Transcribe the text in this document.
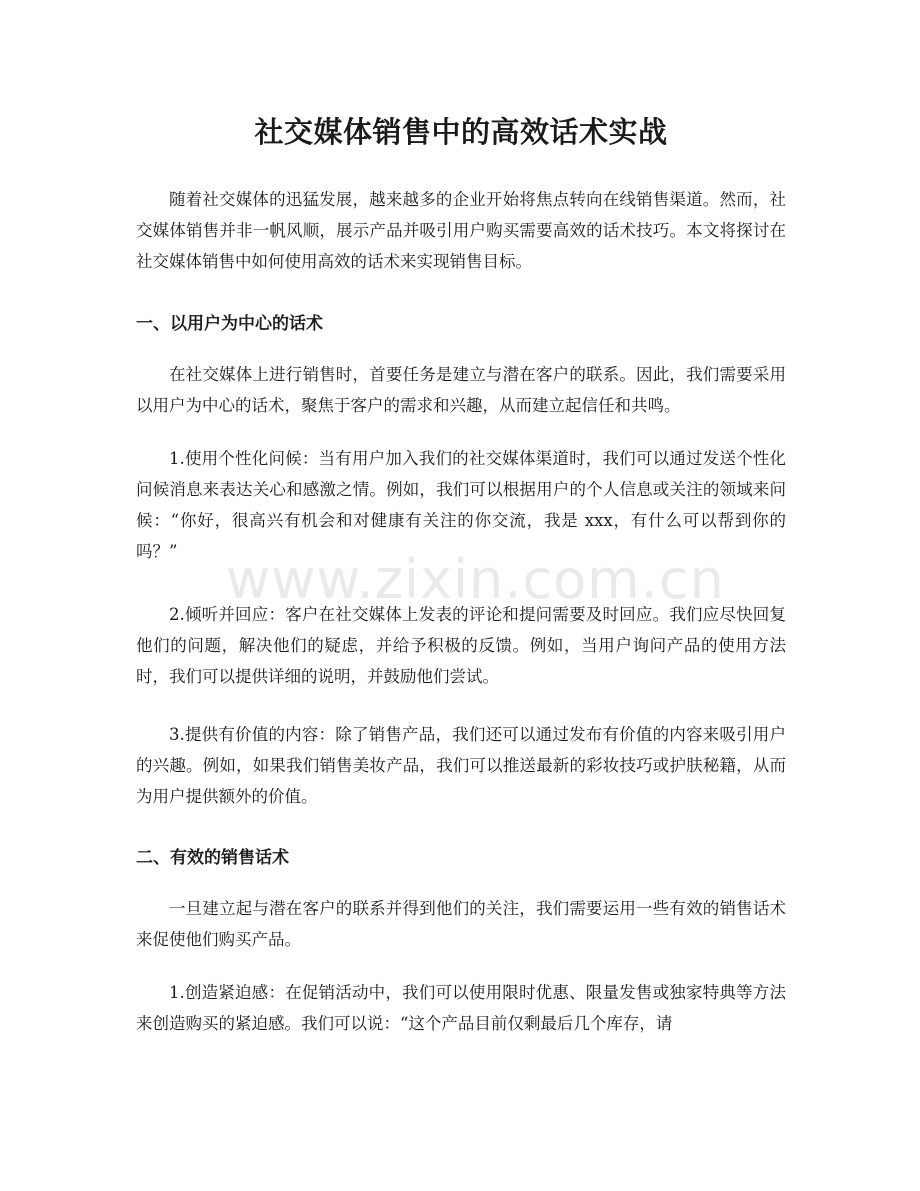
社交媒体销售中的高效话术实战

随着社交媒体的迅猛发展，越来越多的企业开始将焦点转向在线销售渠道。然而，社交媒体销售并非一帆风顺，展示产品并吸引用户购买需要高效的话术技巧。本文将探讨在社交媒体销售中如何使用高效的话术来实现销售目标。

一、以用户为中心的话术

在社交媒体上进行销售时，首要任务是建立与潜在客户的联系。因此，我们需要采用以用户为中心的话术，聚焦于客户的需求和兴趣，从而建立起信任和共鸣。

1.使用个性化问候：当有用户加入我们的社交媒体渠道时，我们可以通过发送个性化问候消息来表达关心和感激之情。例如，我们可以根据用户的个人信息或关注的领域来问候：“你好，很高兴有机会和对健康有关注的你交流，我是 xxx，有什么可以帮到你的吗？”

2.倾听并回应：客户在社交媒体上发表的评论和提问需要及时回应。我们应尽快回复他们的问题，解决他们的疑虑，并给予积极的反馈。例如，当用户询问产品的使用方法时，我们可以提供详细的说明，并鼓励他们尝试。

3.提供有价值的内容：除了销售产品，我们还可以通过发布有价值的内容来吸引用户的兴趣。例如，如果我们销售美妆产品，我们可以推送最新的彩妆技巧或护肤秘籍，从而为用户提供额外的价值。

二、有效的销售话术

一旦建立起与潜在客户的联系并得到他们的关注，我们需要运用一些有效的销售话术来促使他们购买产品。

1.创造紧迫感：在促销活动中，我们可以使用限时优惠、限量发售或独家特典等方法来创造购买的紧迫感。我们可以说：“这个产品目前仅剩最后几个库存，请

www.zixin.com.cn
